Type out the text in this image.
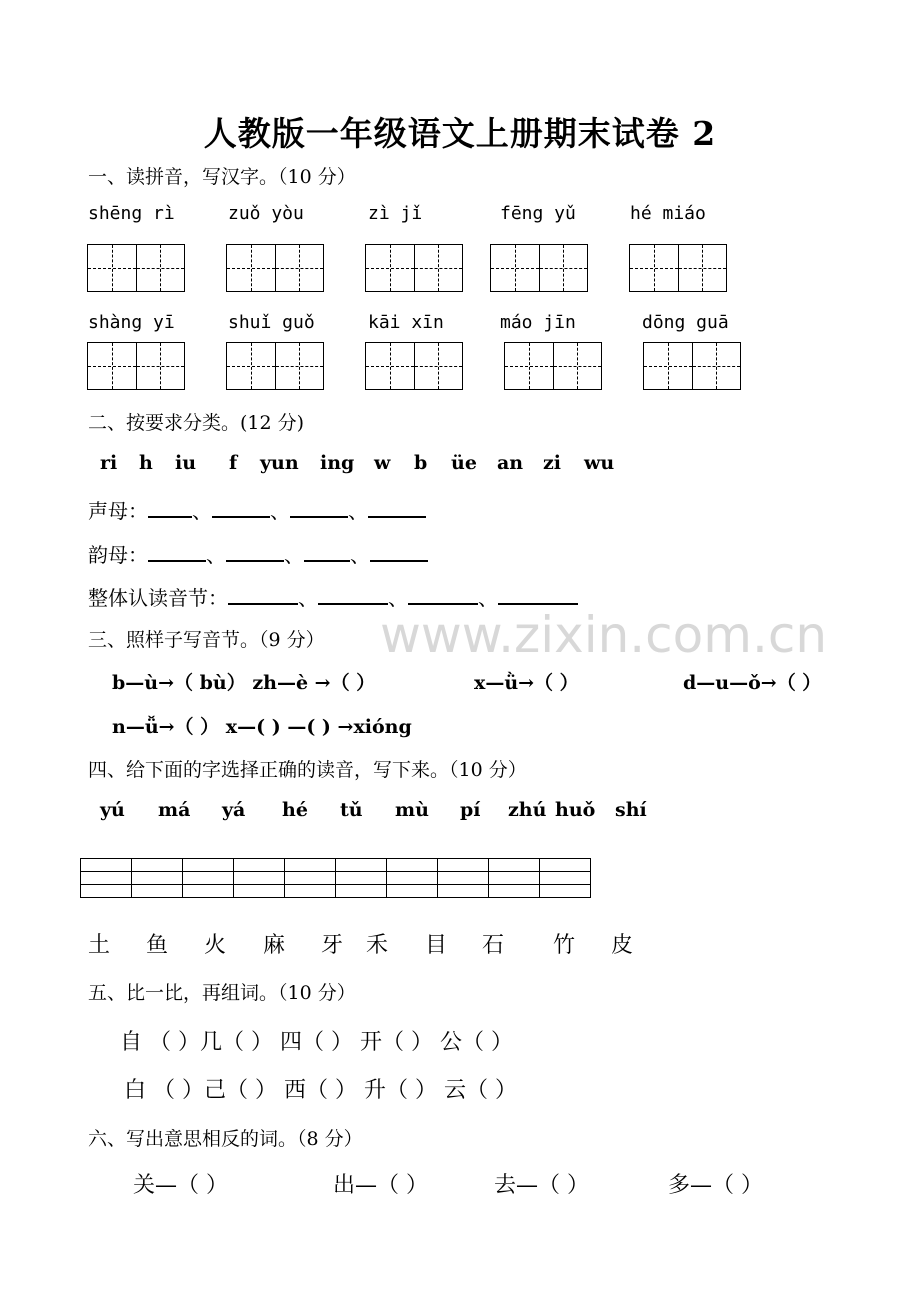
www.zixin.com.cn
人教版一年级语文上册期末试卷 2
一、读拼音，写汉字。（10 分）
shēng rì	zuǒ yòu	zì jǐ	fēng yǔ	hé miáo
shàng yī	shuǐ guǒ	kāi xīn	máo jīn	dōng guā
二、按要求分类。(12 分)
ri h iu f yun ing w b üe an zi wu
声母： 、	、	、
韵母：	、	、 、
整体认读音节：	、	、	、
三、照样子写音节。（9 分）
b—ù→（ bù） zh—è →（ ）	x—ǜ→（ ）	d—u—ǒ→（ ）
n—ǚ→（ ） x—( ) —( ) →xióng
四、给下面的字选择正确的读音，写下来。（10 分）
yú má yá hé tǔ mù pí zhú huǒ shí

土 鱼 火 麻 牙 禾 目 石 竹 皮
五、比一比，再组词。（10 分）
自 （ ）几（ ） 四（ ） 开（ ） 公（ ）
白 （ ）己（ ） 西（ ） 升（ ） 云（ ）
六、写出意思相反的词。（8 分）
关—（ ）	出—（ ）	去—（ ）	多—（ ）
